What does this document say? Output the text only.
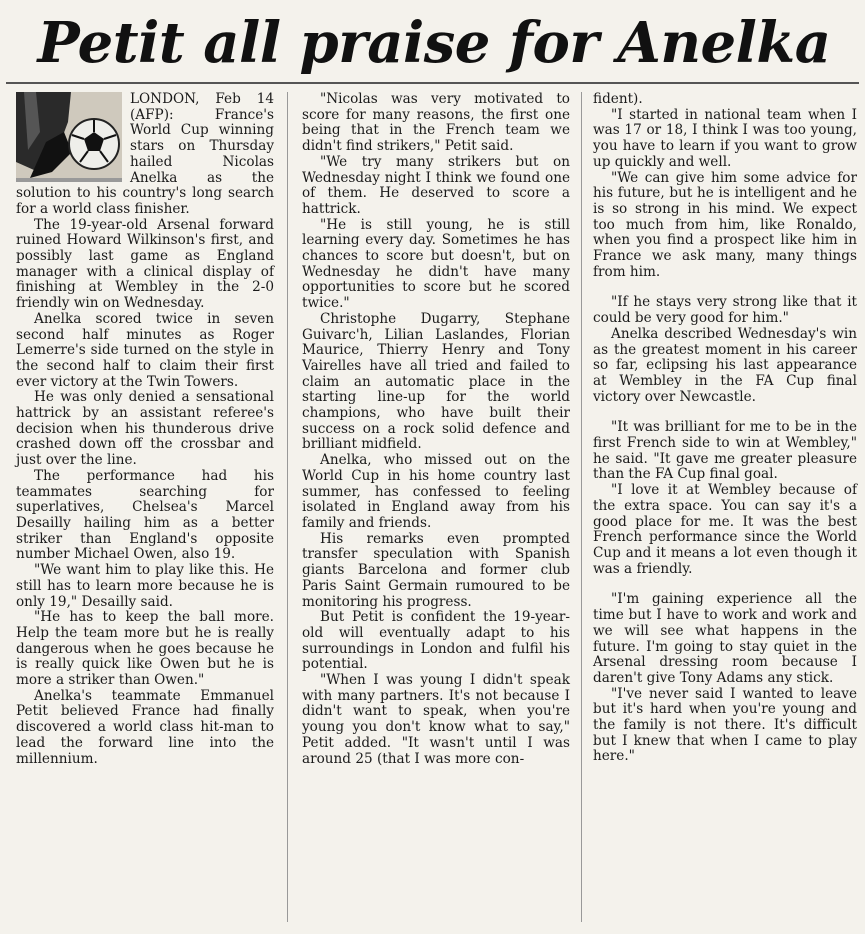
Petit all praise for Anelka

LONDON, Feb 14 (AFP): France's World Cup winning stars on Thursday hailed Nicolas Anelka as the solution to his country's long search for a world class finisher.

The 19-year-old Arsenal forward ruined Howard Wilkinson's first, and possibly last game as England manager with a clinical display of finishing at Wembley in the 2-0 friendly win on Wednesday.

Anelka scored twice in seven second half minutes as Roger Lemerre's side turned on the style in the second half to claim their first ever victory at the Twin Towers.

He was only denied a sensational hattrick by an assistant referee's decision when his thunderous drive crashed down off the crossbar and just over the line.

The performance had his teammates searching for superlatives, Chelsea's Marcel Desailly hailing him as a better striker than England's opposite number Michael Owen, also 19.

"We want him to play like this. He still has to learn more because he is only 19," Desailly said.

"He has to keep the ball more. Help the team more but he is really dangerous when he goes because he is really quick like Owen but he is more a striker than Owen."

Anelka's teammate Emmanuel Petit believed France had finally discovered a world class hit-man to lead the forward line into the millennium.

"Nicolas was very motivated to score for many reasons, the first one being that in the French team we didn't find strikers," Petit said.

"We try many strikers but on Wednesday night I think we found one of them. He deserved to score a hattrick.

"He is still young, he is still learning every day. Sometimes he has chances to score but doesn't, but on Wednesday he didn't have many opportunities to score but he scored twice."

Christophe Dugarry, Stephane Guivarc'h, Lilian Laslandes, Florian Maurice, Thierry Henry and Tony Vairelles have all tried and failed to claim an automatic place in the starting line-up for the world champions, who have built their success on a rock solid defence and brilliant midfield.

Anelka, who missed out on the World Cup in his home country last summer, has confessed to feeling isolated in England away from his family and friends.

His remarks even prompted transfer speculation with Spanish giants Barcelona and former club Paris Saint Germain rumoured to be monitoring his progress.

But Petit is confident the 19-year-old will eventually adapt to his surroundings in London and fulfil his potential.

"When I was young I didn't speak with many partners. It's not because I didn't want to speak, when you're young you don't know what to say," Petit added. "It wasn't until I was around 25 (that I was more con-

fident).

"I started in national team when I was 17 or 18, I think I was too young, you have to learn if you want to grow up quickly and well.

"We can give him some advice for his future, but he is intelligent and he is so strong in his mind. We expect too much from him, like Ronaldo, when you find a prospect like him in France we ask many, many things from him.

"If he stays very strong like that it could be very good for him."

Anelka described Wednesday's win as the greatest moment in his career so far, eclipsing his last appearance at Wembley in the FA Cup final victory over Newcastle.

"It was brilliant for me to be in the first French side to win at Wembley," he said. "It gave me greater pleasure than the FA Cup final goal.

"I love it at Wembley because of the extra space. You can say it's a good place for me. It was the best French performance since the World Cup and it means a lot even though it was a friendly.

"I'm gaining experience all the time but I have to work and work and we will see what happens in the future. I'm going to stay quiet in the Arsenal dressing room because I daren't give Tony Adams any stick.

"I've never said I wanted to leave but it's hard when you're young and the family is not there. It's difficult but I knew that when I came to play here."
